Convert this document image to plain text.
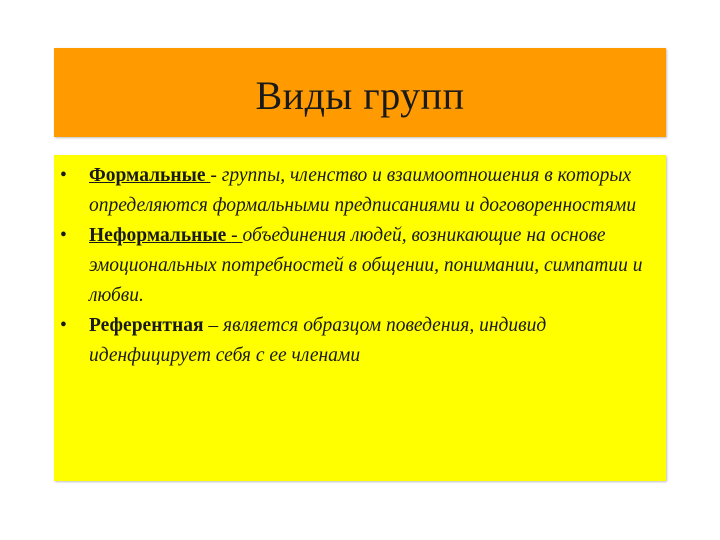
Виды групп
• Формальные - группы, членство и взаимоотношения в которых определяются формальными предписаниями и договоренностями
• Неформальные - объединения людей, возникающие на основе эмоциональных потребностей в общении, понимании, симпатии и любви.
• Референтная – является образцом поведения, индивид иденфицирует себя с ее членами
